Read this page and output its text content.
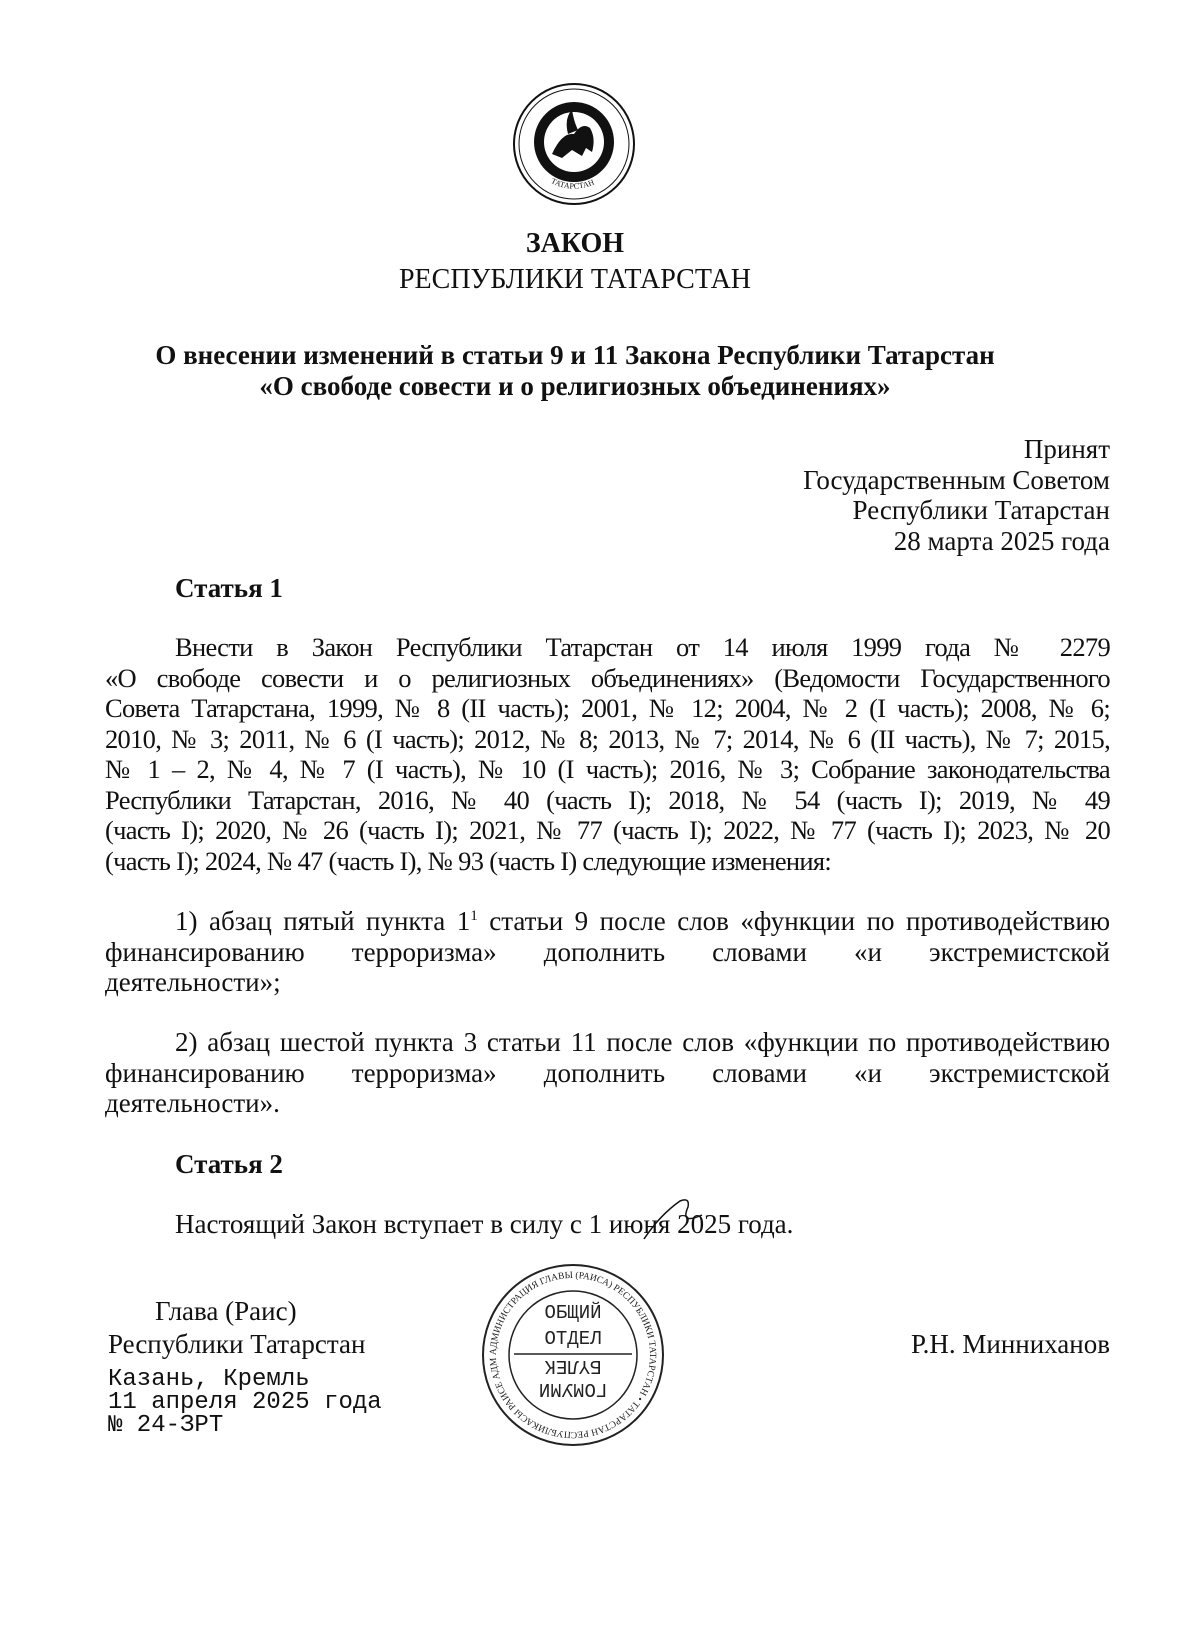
ТАТАРСТАН
ЗАКОН
РЕСПУБЛИКИ ТАТАРСТАН
О внесении изменений в статьи 9 и 11 Закона Республики Татарстан
«О свободе совести и о религиозных объединениях»
Принят
Государственным Советом
Республики Татарстан
28 марта 2025 года
Статья 1
Внести в Закон Республики Татарстан от 14 июля 1999 года № 2279
«О свободе совести и о религиозных объединениях» (Ведомости Государственного
Совета Татарстана, 1999, № 8 (II часть); 2001, № 12; 2004, № 2 (I часть); 2008, № 6;
2010, № 3; 2011, № 6 (I часть); 2012, № 8; 2013, № 7; 2014, № 6 (II часть), № 7; 2015,
№ 1 – 2, № 4, № 7 (I часть), № 10 (I часть); 2016, № 3; Собрание законодательства
Республики Татарстан, 2016, № 40 (часть I); 2018, № 54 (часть I); 2019, № 49
(часть I); 2020, № 26 (часть I); 2021, № 77 (часть I); 2022, № 77 (часть I); 2023, № 20
(часть I); 2024, № 47 (часть I), № 93 (часть I) следующие изменения:
1) абзац пятый пункта $1^1$ статьи 9 после слов «функции по противодействию
финансированию терроризма» дополнить словами «и экстремистской
деятельности»;
2) абзац шестой пункта 3 статьи 11 после слов «функции по противодействию
финансированию терроризма» дополнить словами «и экстремистской
деятельности».
Статья 2
Настоящий Закон вступает в силу с 1 июня 2025 года.
АДМИНИСТРАЦИЯ ГЛАВЫ (РАИСА) РЕСПУБЛИКИ ТАТАРСТАН • ТАТАРСТАН РЕСПУБЛИКАСЫ РАИСЕ АДМ
ОБЩИЙ
ОТДЕЛ
ГОМУМИ
БҮЛЕК
Глава (Раис)
Республики Татарстан	Р.Н. Минниханов
Казань, Кремль
11 апреля 2025 года
№ 24-ЗРТ
